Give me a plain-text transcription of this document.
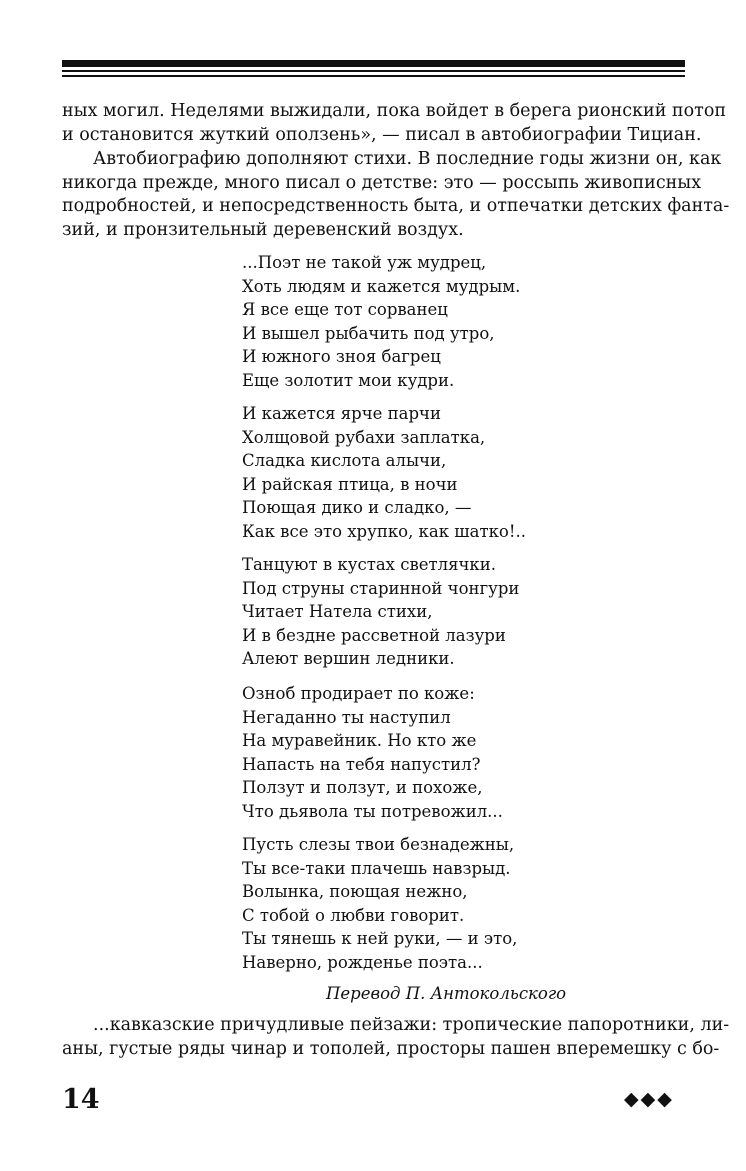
ных могил. Неделями выжидали, пока войдет в берега рионский потоп
и остановится жуткий оползень», — писал в автобиографии Тициан.
Автобиографию дополняют стихи. В последние годы жизни он, как
никогда прежде, много писал о детстве: это — россыпь живописных
подробностей, и непосредственность быта, и отпечатки детских фанта-
зий, и пронзительный деревенский воздух.
...Поэт не такой уж мудрец,
Хоть людям и кажется мудрым.
Я все еще тот сорванец
И вышел рыбачить под утро,
И южного зноя багрец
Еще золотит мои кудри.
И кажется ярче парчи
Холщовой рубахи заплатка,
Сладка кислота алычи,
И райская птица, в ночи
Поющая дико и сладко, —
Как все это хрупко, как шатко!..
Танцуют в кустах светлячки.
Под струны старинной чонгури
Читает Натела стихи,
И в бездне рассветной лазури
Алеют вершин ледники.
Озноб продирает по коже:
Негаданно ты наступил
На муравейник. Но кто же
Напасть на тебя напустил?
Ползут и ползут, и похоже,
Что дьявола ты потревожил...
Пусть слезы твои безнадежны,
Ты все-таки плачешь навзрыд.
Волынка, поющая нежно,
С тобой о любви говорит.
Ты тянешь к ней руки, — и это,
Наверно, рожденье поэта...
Перевод П. Антокольского
...кавказские причудливые пейзажи: тропические папоротники, ли-
аны, густые ряды чинар и тополей, просторы пашен вперемешку с бо-
14	◆◆◆
